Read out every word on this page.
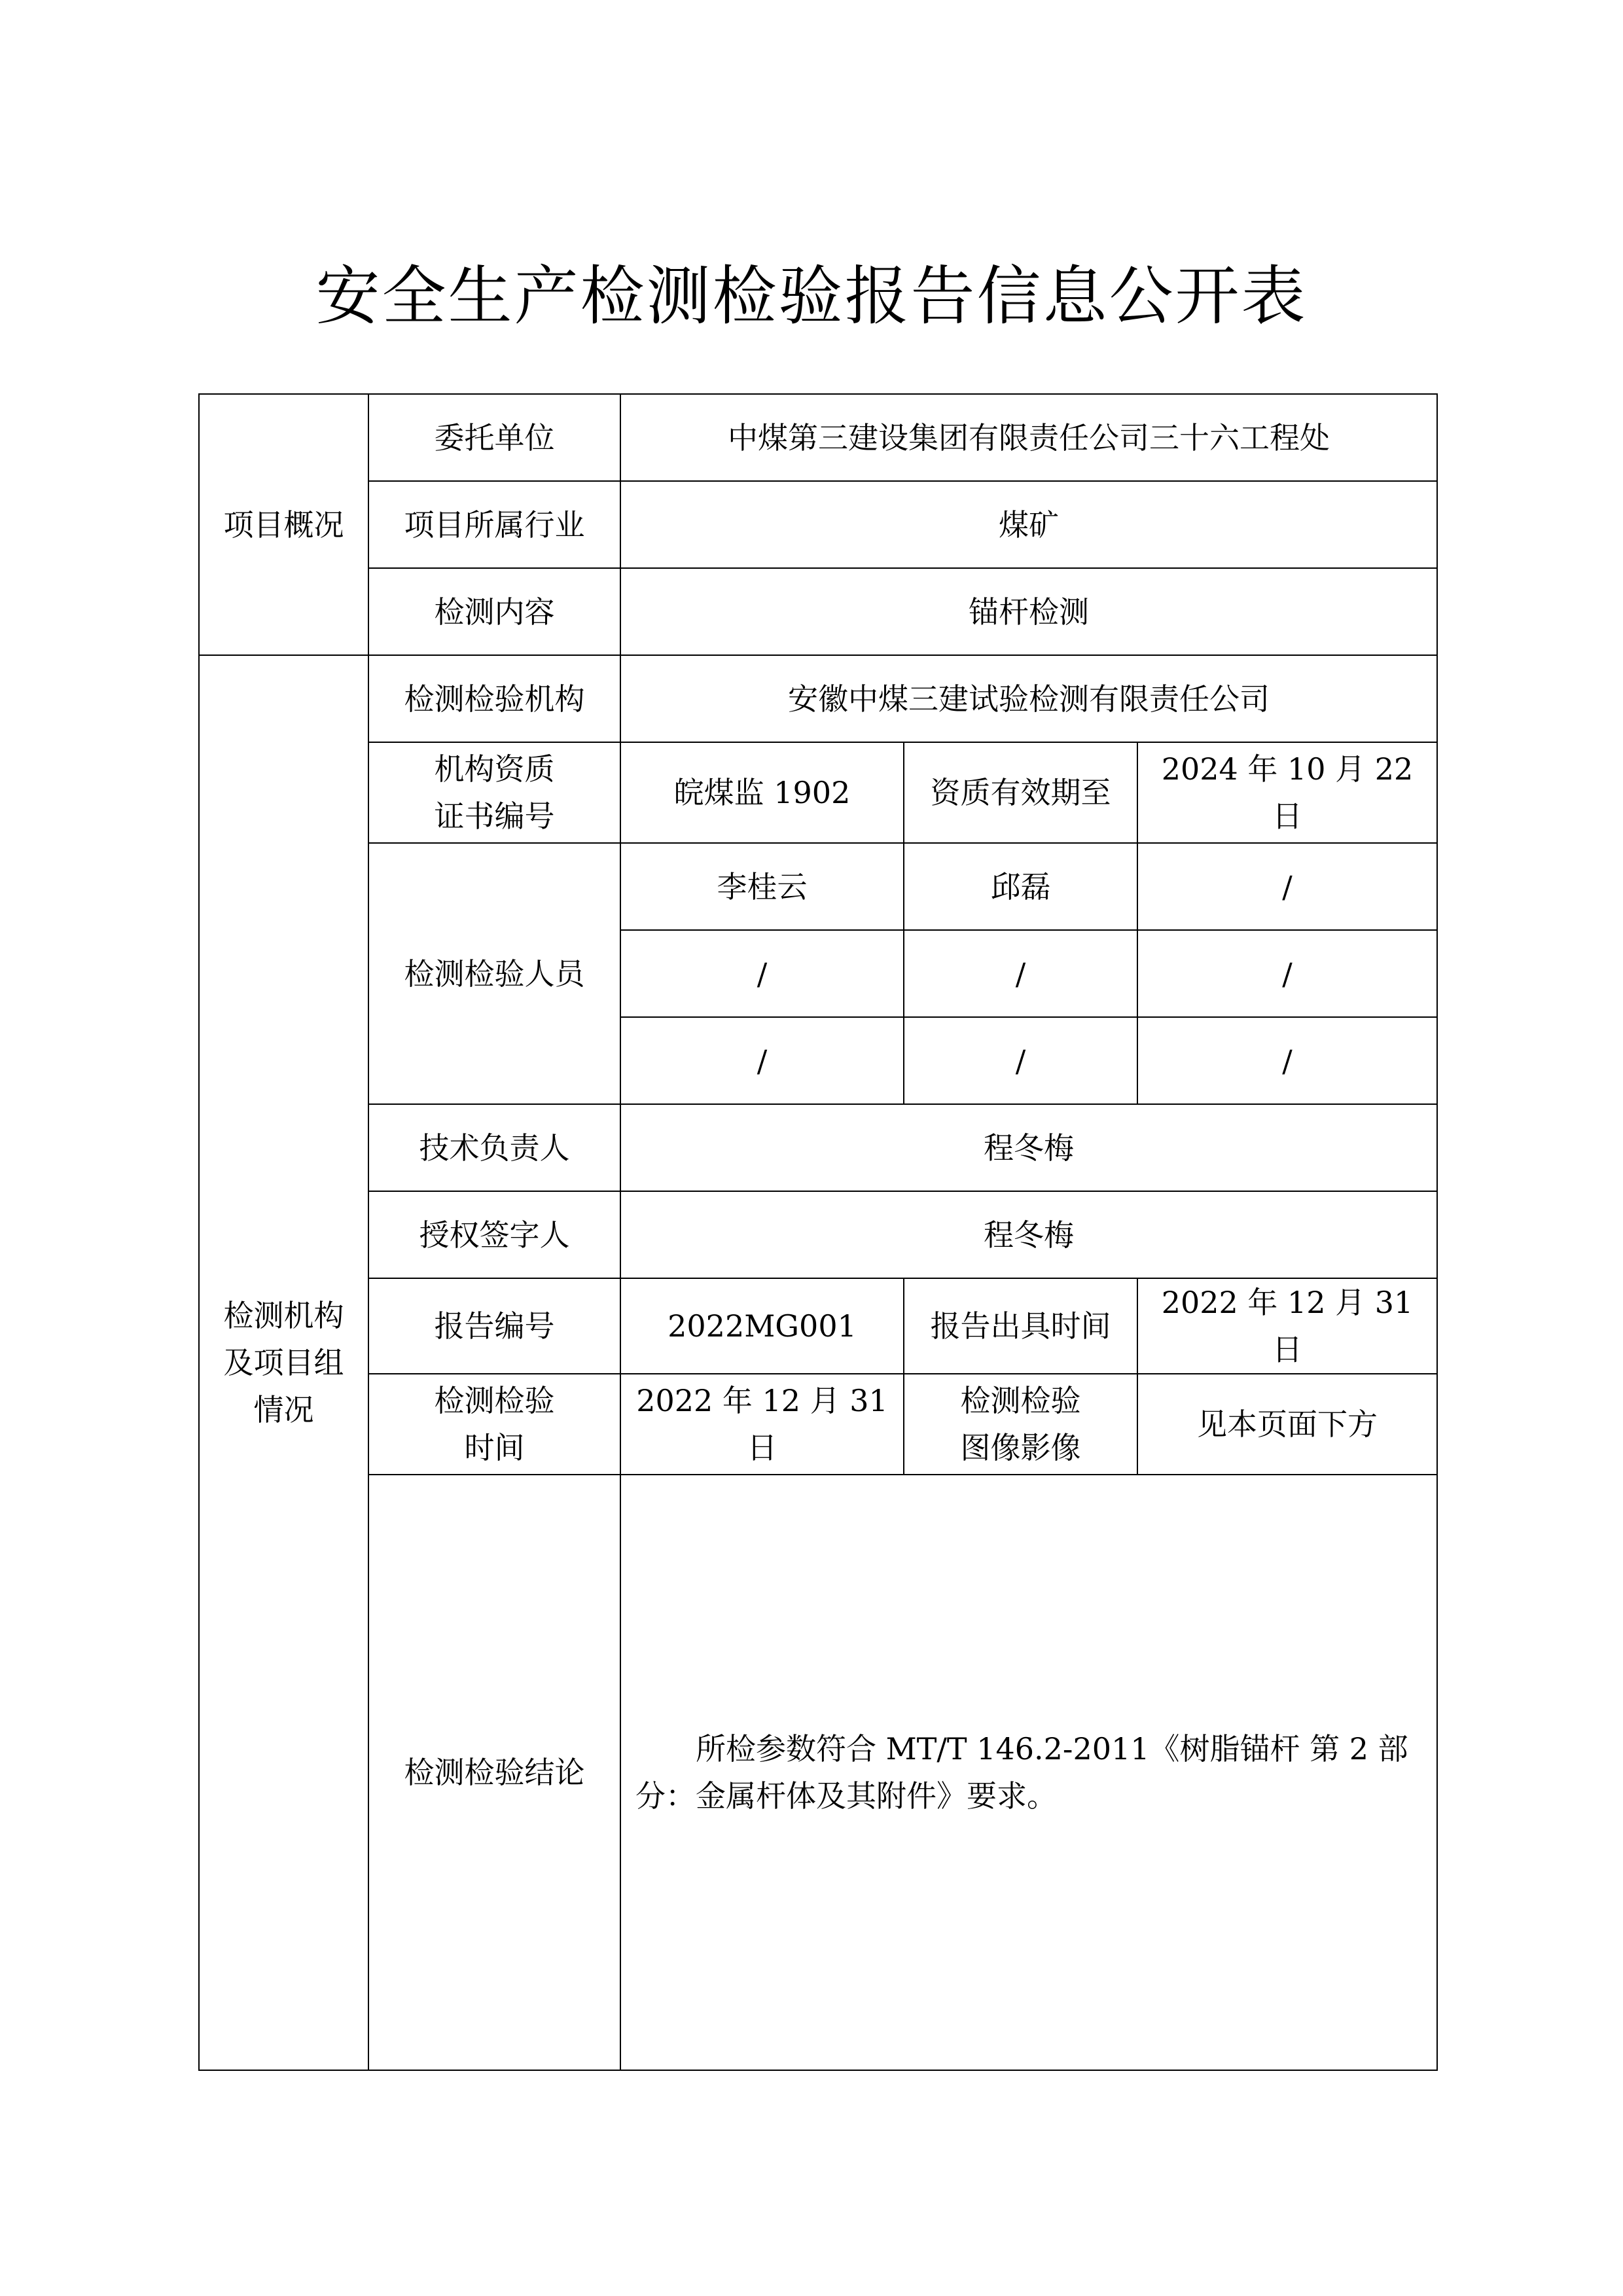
安全生产检测检验报告信息公开表
项目概况	委托单位	中煤第三建设集团有限责任公司三十六工程处		
	项目所属行业	煤矿		
	检测内容	锚杆检测		
检测机构及项目组情况	检测检验机构	安徽中煤三建试验检测有限责任公司		
	机构资质证书编号	皖煤监 1902	资质有效期至	2024 年 10 月 22 日
	检测检验人员	李桂云	邱磊	/
		/	/	/
		/	/	/
	技术负责人	程冬梅		
	授权签字人	程冬梅		
	报告编号	2022MG001	报告出具时间	2022 年 12 月 31 日
	检测检验时间	2022 年 12 月 31 日	检测检验图像影像	见本页面下方
	检测检验结论	所检参数符合 MT/T 146.2-2011《树脂锚杆 第 2 部分：金属杆体及其附件》要求。		
